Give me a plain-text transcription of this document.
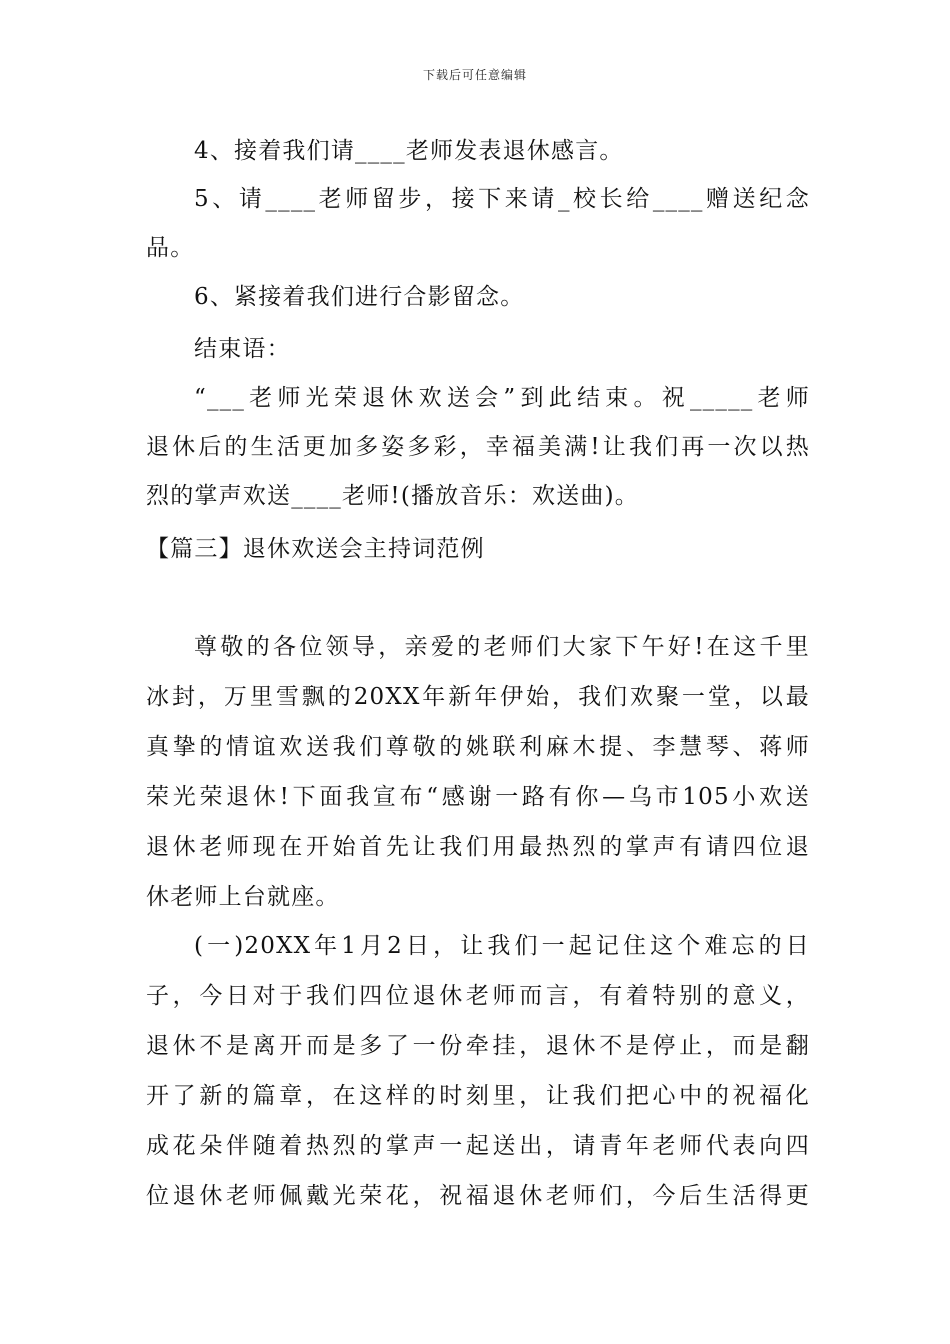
下载后可任意编辑
4、接着我们请____老师发表退休感言。
5、请____老师留步，接下来请_校长给____赠送纪念
品。
6、紧接着我们进行合影留念。
结束语：
“___老师光荣退休欢送会”到此结束。祝_____老师
退休后的生活更加多姿多彩，幸福美满!让我们再一次以热
烈的掌声欢送____老师!(播放音乐：欢送曲)。
【篇三】退休欢送会主持词范例
尊敬的各位领导，亲爱的老师们大家下午好!在这千里
冰封，万里雪飘的20XX年新年伊始，我们欢聚一堂，以最
真挚的情谊欢送我们尊敬的姚联利麻木提、李慧琴、蒋师
荣光荣退休!下面我宣布“感谢一路有你—乌市105小欢送
退休老师现在开始首先让我们用最热烈的掌声有请四位退
休老师上台就座。
(一)20XX年1月2日，让我们一起记住这个难忘的日
子，今日对于我们四位退休老师而言，有着特别的意义，
退休不是离开而是多了一份牵挂，退休不是停止，而是翻
开了新的篇章，在这样的时刻里，让我们把心中的祝福化
成花朵伴随着热烈的掌声一起送出，请青年老师代表向四
位退休老师佩戴光荣花，祝福退休老师们，今后生活得更
